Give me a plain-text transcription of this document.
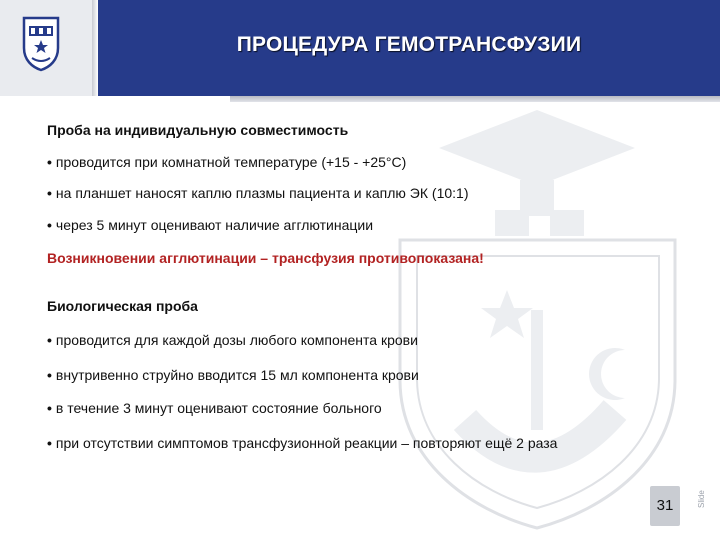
ПРОЦЕДУРА ГЕМОТРАНСФУЗИИ
Проба на индивидуальную совместимость
• проводится при комнатной температуре (+15 - +25°С)
• на планшет наносят каплю плазмы пациента и каплю ЭК (10:1)
• через 5 минут оценивают наличие агглютинации
Возникновении агглютинации – трансфузия противопоказана!
Биологическая проба
• проводится для каждой дозы любого компонента крови
• внутривенно струйно вводится 15 мл компонента крови
• в течение 3 минут оценивают состояние больного
• при отсутствии симптомов трансфузионной реакции – повторяют ещё 2 раза
Slide
31
